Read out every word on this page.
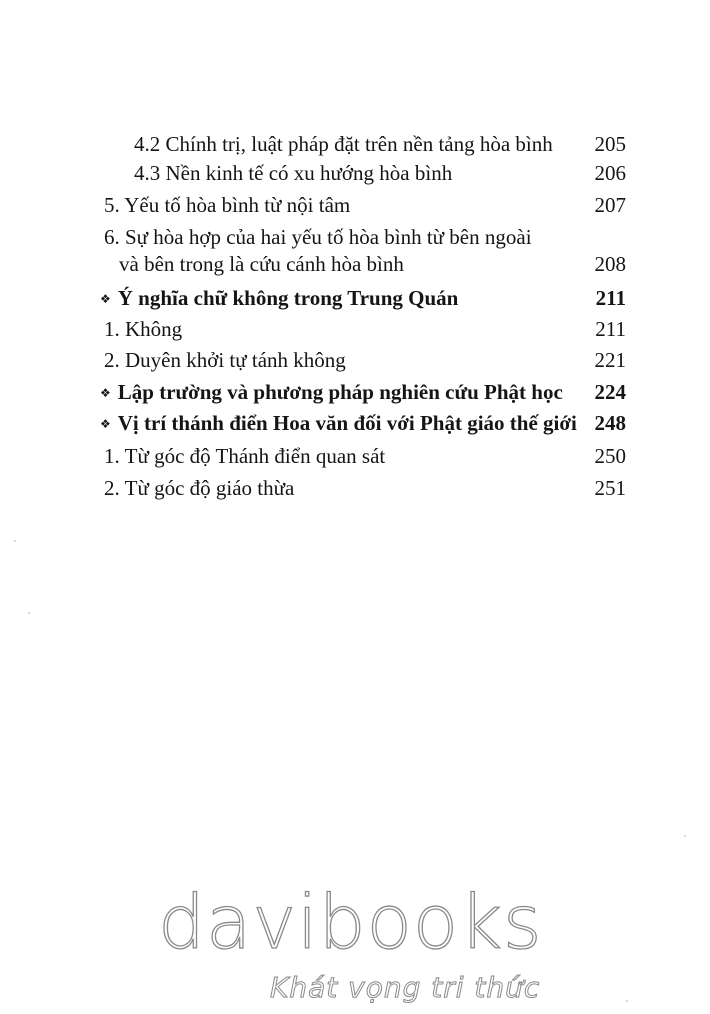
4.2 Chính trị, luật pháp đặt trên nền tảng hòa bình 205
4.3 Nền kinh tế có xu hướng hòa bình	206
5. Yếu tố hòa bình từ nội tâm	207
6. Sự hòa hợp của hai yếu tố hòa bình từ bên ngoài
và bên trong là cứu cánh hòa bình	208
❖ Ý nghĩa chữ không trong Trung Quán	211
1. Không	211
2. Duyên khởi tự tánh không	221
❖ Lập trường và phương pháp nghiên cứu Phật học 224
❖ Vị trí thánh điển Hoa văn đối với Phật giáo thế giới 248
1. Từ góc độ Thánh điển quan sát	250
2. Từ góc độ giáo thừa	251
davibooks
Khát vọng tri thức
